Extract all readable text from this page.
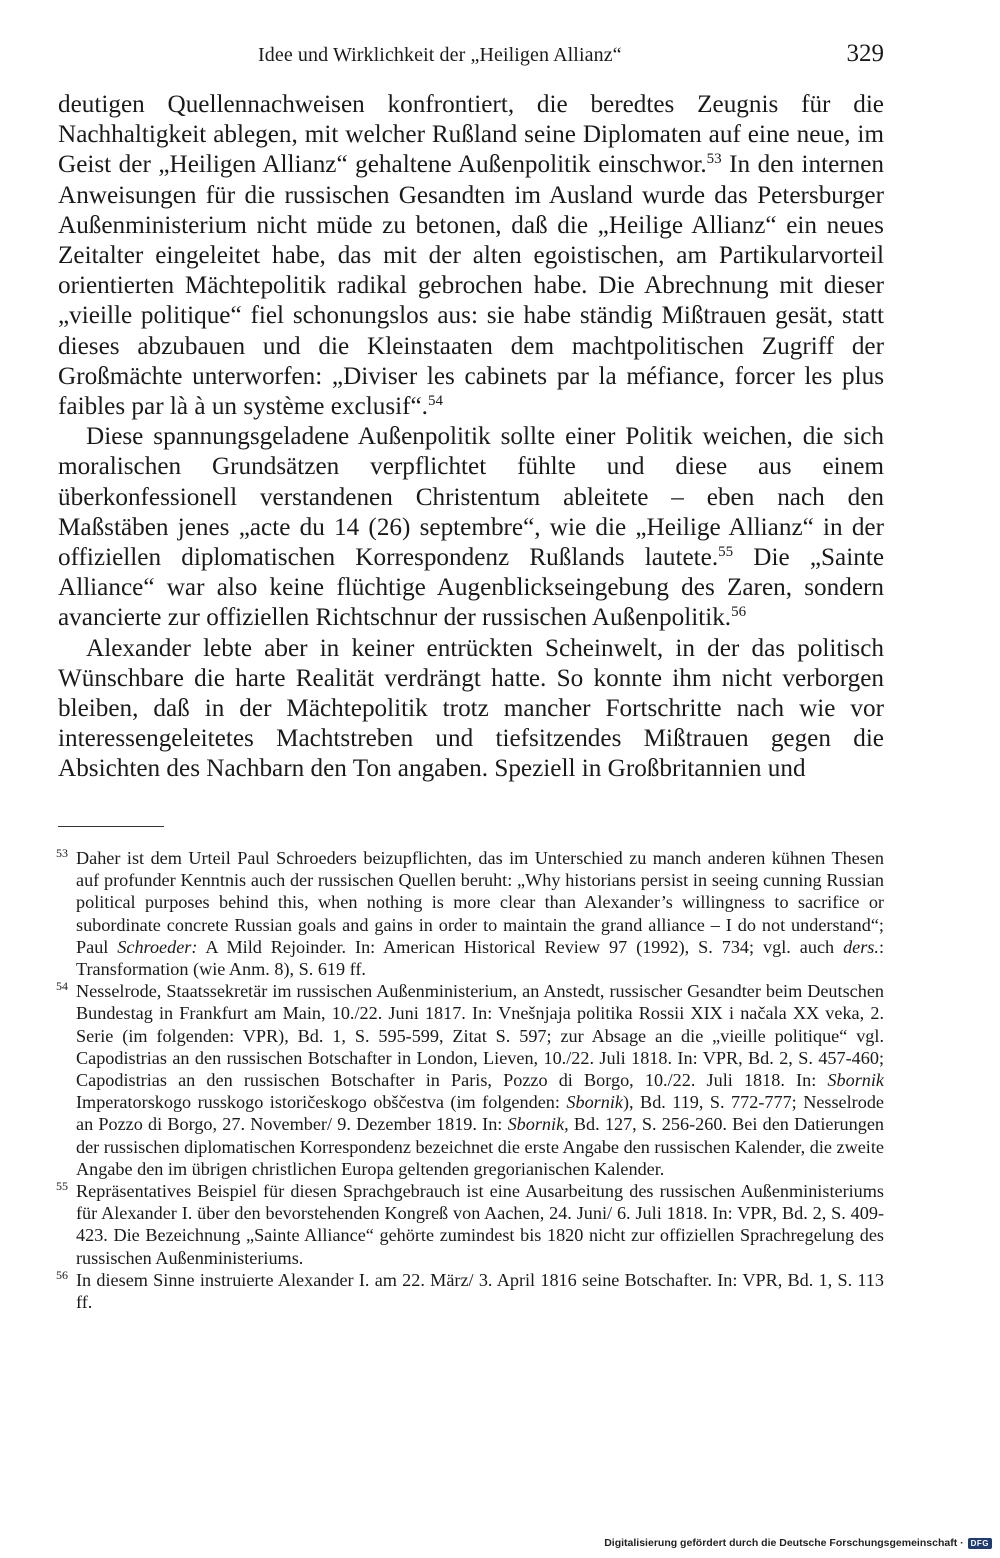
Idee und Wirklichkeit der „Heiligen Allianz“	329

deutigen Quellennachweisen konfrontiert, die beredtes Zeugnis für die Nachhaltigkeit ablegen, mit welcher Rußland seine Diplomaten auf eine neue, im Geist der „Heiligen Allianz“ gehaltene Außenpolitik einschwor.$^{53}$ In den internen Anweisungen für die russischen Gesandten im Ausland wurde das Petersburger Außenministerium nicht müde zu betonen, daß die „Heilige Allianz“ ein neues Zeitalter eingeleitet habe, das mit der alten egoistischen, am Partikularvorteil orientierten Mächtepolitik radikal gebrochen habe. Die Abrechnung mit dieser „vieille politique“ fiel schonungslos aus: sie habe ständig Mißtrauen gesät, statt dieses abzubauen und die Kleinstaaten dem machtpolitischen Zugriff der Großmächte unterworfen: „Diviser les cabinets par la méfiance, forcer les plus faibles par là à un système exclusif“.$^{54}$

Diese spannungsgeladene Außenpolitik sollte einer Politik weichen, die sich moralischen Grundsätzen verpflichtet fühlte und diese aus einem überkonfessionell verstandenen Christentum ableitete – eben nach den Maßstäben jenes „acte du 14 (26) septembre“, wie die „Heilige Allianz“ in der offiziellen diplomatischen Korrespondenz Rußlands lautete.$^{55}$ Die „Sainte Alliance“ war also keine flüchtige Augenblickseingebung des Zaren, sondern avancierte zur offiziellen Richtschnur der russischen Außenpolitik.$^{56}$

Alexander lebte aber in keiner entrückten Scheinwelt, in der das politisch Wünschbare die harte Realität verdrängt hatte. So konnte ihm nicht verborgen bleiben, daß in der Mächtepolitik trotz mancher Fortschritte nach wie vor interessengeleitetes Machtstreben und tiefsitzendes Mißtrauen gegen die Absichten des Nachbarn den Ton angaben. Speziell in Großbritannien und

53 Daher ist dem Urteil Paul Schroeders beizupflichten, das im Unterschied zu manch anderen kühnen Thesen auf profunder Kenntnis auch der russischen Quellen beruht: „Why historians persist in seeing cunning Russian political purposes behind this, when nothing is more clear than Alexander’s willingness to sacrifice or subordinate concrete Russian goals and gains in order to maintain the grand alliance – I do not understand“; Paul Schroeder: A Mild Rejoinder. In: American Historical Review 97 (1992), S. 734; vgl. auch ders.: Transformation (wie Anm. 8), S. 619 ff.

54 Nesselrode, Staatssekretär im russischen Außenministerium, an Anstedt, russischer Gesandter beim Deutschen Bundestag in Frankfurt am Main, 10./22. Juni 1817. In: Vnešnjaja politika Rossii XIX i načala XX veka, 2. Serie (im folgenden: VPR), Bd. 1, S. 595-599, Zitat S. 597; zur Absage an die „vieille politique“ vgl. Capodistrias an den russischen Botschafter in London, Lieven, 10./22. Juli 1818. In: VPR, Bd. 2, S. 457-460; Capodistrias an den russischen Botschafter in Paris, Pozzo di Borgo, 10./22. Juli 1818. In: Sbornik Imperatorskogo russkogo istoričeskogo obščestva (im folgenden: Sbornik), Bd. 119, S. 772-777; Nesselrode an Pozzo di Borgo, 27. November/ 9. Dezember 1819. In: Sbornik, Bd. 127, S. 256-260. Bei den Datierungen der russischen diplomatischen Korrespondenz bezeichnet die erste Angabe den russischen Kalender, die zweite Angabe den im übrigen christlichen Europa geltenden gregorianischen Kalender.

55 Repräsentatives Beispiel für diesen Sprachgebrauch ist eine Ausarbeitung des russischen Außenministeriums für Alexander I. über den bevorstehenden Kongreß von Aachen, 24. Juni/ 6. Juli 1818. In: VPR, Bd. 2, S. 409-423. Die Bezeichnung „Sainte Alliance“ gehörte zumindest bis 1820 nicht zur offiziellen Sprachregelung des russischen Außenministeriums.

56 In diesem Sinne instruierte Alexander I. am 22. März/ 3. April 1816 seine Botschafter. In: VPR, Bd. 1, S. 113 ff.

Digitalisierung gefördert durch die Deutsche Forschungsgemeinschaft · DFG
